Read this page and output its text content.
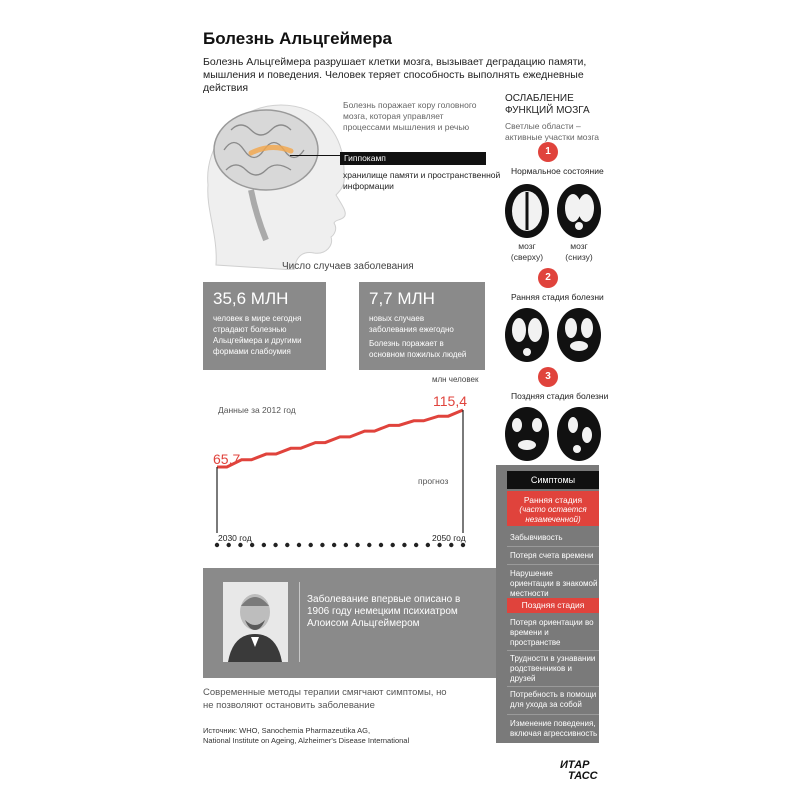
Болезнь Альцгеймера
Болезнь Альцгеймера разрушает клетки мозга, вызывает деградацию памяти, мышления и поведения. Человек теряет способность выполнять ежедневные действия
Болезнь поражает кору головного мозга, которая управляет процессами мышления и речью
Гиппокамп
хранилище памяти и пространственной информации
Число случаев заболевания
35,6 МЛН
человек в мире сегодня страдают болезнью Альцгеймера и другими формами слабоумия
7,7 МЛН
новых случаев заболевания ежегодно
Болезнь поражает в основном пожилых людей
млн человек
Данные за 2012 год
прогноз
65,7
115,4
2030 год	2050 год
Заболевание впервые описано в 1906 году немецким психиатром Алоисом Альцгеймером
Современные методы терапии смягчают симптомы, но не позволяют остановить заболевание
Источник: WHO, Sanochemia Pharmazeutika AG,
National Institute on Ageing, Alzheimer's Disease International
ОСЛАБЛЕНИЕ ФУНКЦИЙ МОЗГА
Светлые области – активные участки мозга
1
Нормальное состояние
мозг (сверху)
мозг (снизу)
2
Ранняя стадия болезни
3
Поздняя стадия болезни
Симптомы
Ранняя стадия
(часто остается незамеченной)
Забывчивость
Потеря счета времени
Нарушение ориентации в знакомой местности
Поздняя стадия
Потеря ориентации во времени и пространстве
Трудности в узнавании родственников и друзей
Потребность в помощи для ухода за собой
Изменение поведения, включая агрессивность
ИТАР
ТАСС
